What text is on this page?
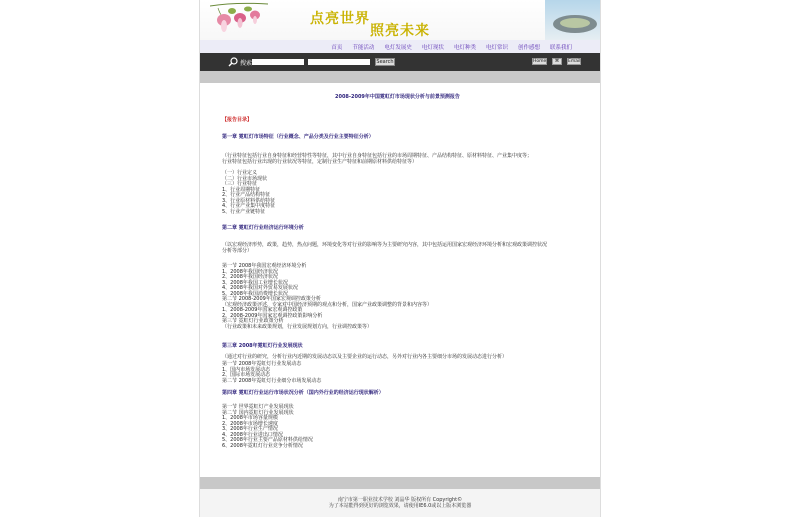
点亮世界
照亮未来
首页 节能活动 电灯发展史 电灯现状 电灯种类 电灯常识 创作感想 联系我们
搜索	Search	Home	⌘	Email
2008-2009年中国霓虹灯市场现状分析与前景预测报告
【报告目录】
第一章 霓虹灯市场特征（行业概念、产品分类及行业主要特征分析）
（行业特征包括行业自身特征和经营特性等特征，其中行业自身特征包括行业的市场周期特征、产品结构特征、原材料特征、产业集中度等；
行业特征包括行业出现的行业状况等特征，定制行业生产特征和前期原材料供给特征等）
（一）行业定义
（二）行业市场现状
（三）行业特征
1、行业周期特征
2、行业产品结构特征
3、行业原材料供给特征
4、行业产业集中度特征
5、行业产业链特征
第二章 霓虹灯行业经济运行环境分析
（以宏观经济形势，政策，趋势，热点问题，环境变化等对行业的影响等为主要研究内容，其中包括运用国家宏观经济环境分析和宏观政策调控状况
分析等部分）
第一节 2008年我国宏观经济环境分析
1、2008年我国经济状况
2、2008年我国经济状况
3、2008年我国工业增长状况
4、2008年我国对外贸易发展状况
5、2008年我国消费增长状况
第二节 2008-2009年国家宏观调控政策分析
（宏观经济政策评述，专家对中国经济预期的观点和分析，国家产业政策调整的背景和内容等）
1、2008-2009年国家宏观调控政策
2、2008-2009年国家宏观调控政策影响分析
第三节 霓虹灯行业政策分析
（行业政策和未来政策规划，行业发展规划方向，行业调控政策等）
第三章 2008年霓虹灯行业发展现状
（通过对行业的研究，分析行业内近期的发展动态以及主要企业的运行动态，另外对行业内各主要细分市场的发展动态进行分析）
第一节 2008年霓虹灯行业发展动态
1、国内市场发展动态
2、国际市场发展动态
第二节 2008年霓虹灯行业细分市场发展动态
第四章 霓虹灯行业运行市场状况分析（国内外行业的经济运行现状解析）
第一节 世界霓虹灯产业发展现状
第二节 国内霓虹灯行业发展现状
1、2008年市场容量规模
2、2008年市场增长速度
3、2008年行业生产情况
4、2008年行业进出口情况
5、2008年行业主要产品原材料供给情况
6、2008年霓虹灯行业竞争分析情况
南宁市第一职业技术学校 刘晶华 版权所有 Copyright©
为了本站能得到更好的浏览效果，请使用IE6.0或以上版本浏览器
